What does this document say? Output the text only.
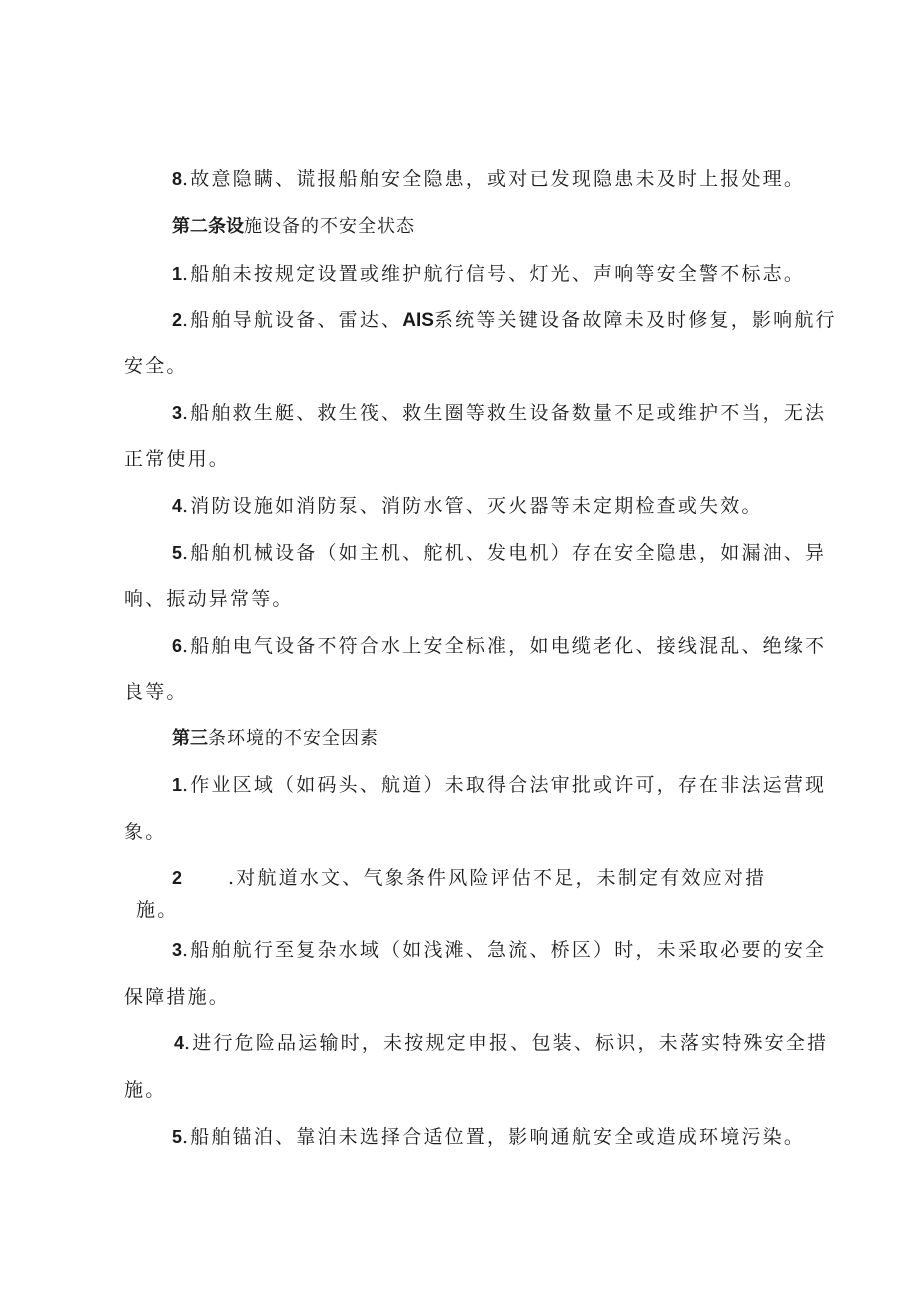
8.故意隐瞒、谎报船舶安全隐患，或对已发现隐患未及时上报处理。
第二条设施设备的不安全状态
1.船舶未按规定设置或维护航行信号、灯光、声响等安全警不标志。
2.船舶导航设备、雷达、AIS系统等关键设备故障未及时修复，影响航行
安全。
3.船舶救生艇、救生筏、救生圈等救生设备数量不足或维护不当，无法
正常使用。
4.消防设施如消防泵、消防水管、灭火器等未定期检查或失效。
5.船舶机械设备（如主机、舵机、发电机）存在安全隐患，如漏油、异
响、振动异常等。
6.船舶电气设备不符合水上安全标准，如电缆老化、接线混乱、绝缘不
良等。
第三条环境的不安全因素
1.作业区域（如码头、航道）未取得合法审批或许可，存在非法运营现
象。
2 .对航道水文、气象条件风险评估不足，未制定有效应对措
施。
3.船舶航行至复杂水域（如浅滩、急流、桥区）时，未采取必要的安全
保障措施。
4.进行危险品运输时，未按规定申报、包装、标识，未落实特殊安全措
施。
5.船舶锚泊、靠泊未选择合适位置，影响通航安全或造成环境污染。
